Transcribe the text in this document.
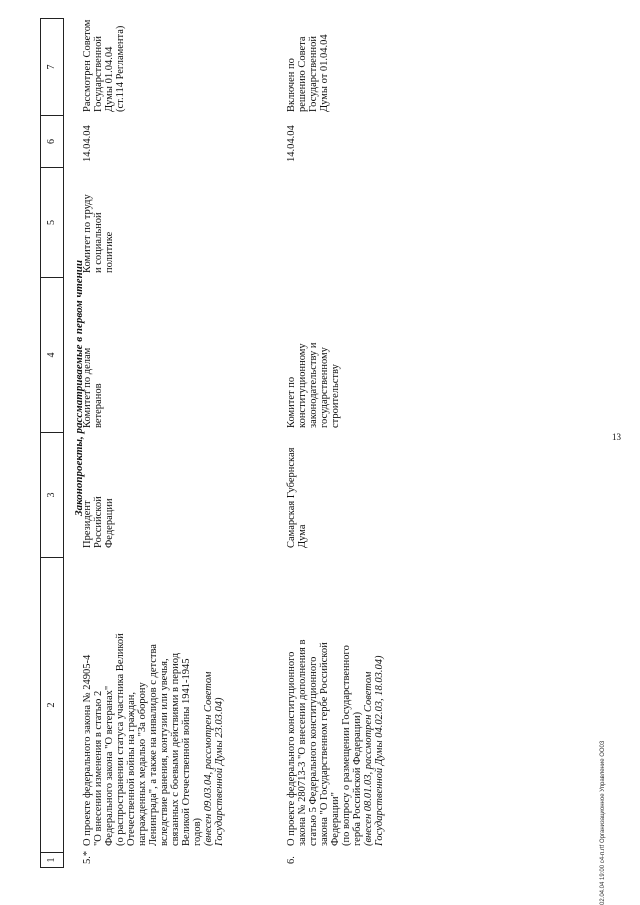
13
02.04.04 19:00 с4-п.rtf Организационное Управление ОО03
1
2
3
4
5
6
7
Законопроекты, рассматриваемые в первом чтении
5.*
О проекте федерального закона № 24905-4 "О внесении изменения в статью 2 Федерального закона "О ветеранах" (о распространении статуса участника Великой Отечественной войны на граждан, награжденных медалью "За оборону Ленинграда", а также на инвалидов с детства вследствие ранения, контузии или увечья, связанных с боевыми действиями в период Великой Отечественной войны 1941-1945 годов) (внесен 09.03.04, рассмотрен Советом Государственной Думы 23.03.04)
Президент Российской Федерации
Комитет по делам ветеранов
Комитет по труду и социальной политике
14.04.04
Рассмотрен Советом Государственной Думы 01.04.04 (ст.114 Регламента)
6.
О проекте федерального конституционного закона № 280713-3 "О внесении дополнения в статью 5 Федерального конституционного закона "О Государственном гербе Российской Федерации" (по вопросу о размещении Государственного герба Российской Федерации) (внесен 08.01.03, рассмотрен Советом Государственной Думы 04.02.03, 18.03.04)
Самарская Губернская Дума
Комитет по конституционному законодательству и государственному строительству
14.04.04
Включен по решению Совета Государственной Думы от 01.04.04
